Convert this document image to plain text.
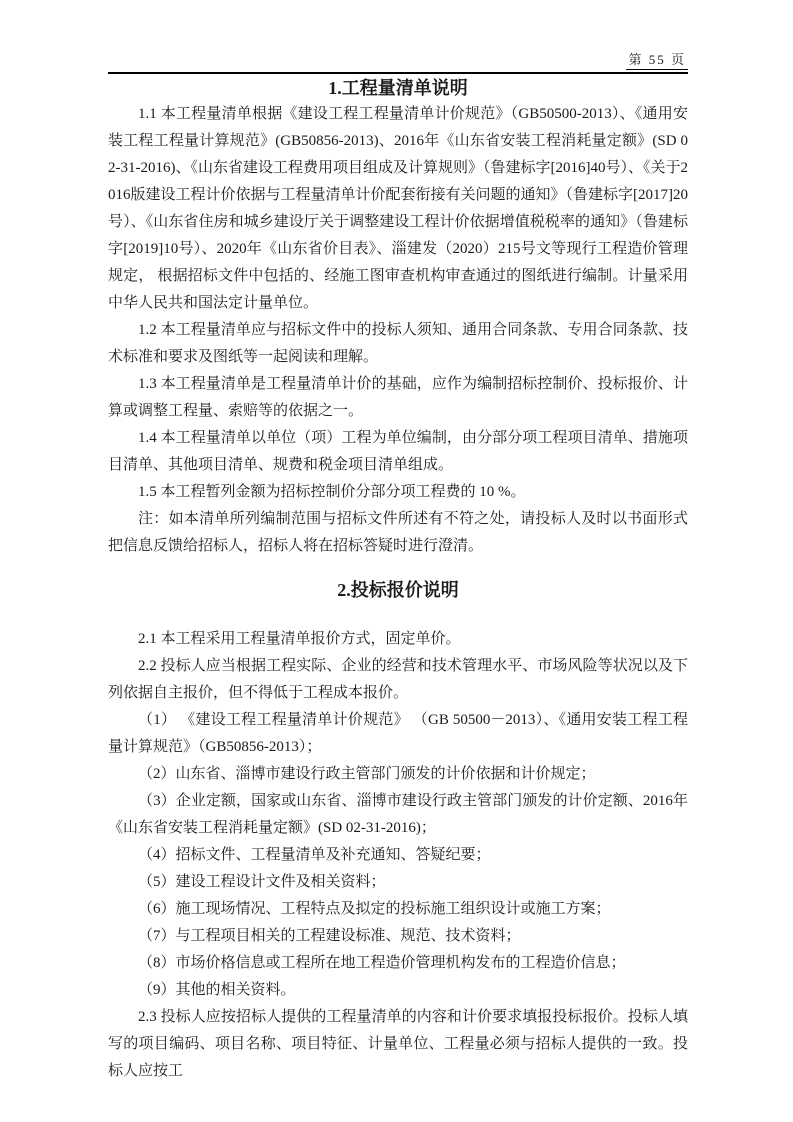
第 55 页
1.工程量清单说明

1.1 本工程量清单根据《建设工程工程量清单计价规范》（GB50500-2013）、《通用安装工程工程量计算规范》(GB50856-2013)、2016年《山东省安装工程消耗量定额》(SD 02-31-2016)、《山东省建设工程费用项目组成及计算规则》（鲁建标字[2016]40号）、《关于2016版建设工程计价依据与工程量清单计价配套衔接有关问题的通知》（鲁建标字[2017]20号）、《山东省住房和城乡建设厅关于调整建设工程计价依据增值税税率的通知》（鲁建标字[2019]10号）、2020年《山东省价目表》、淄建发（2020）215号文等现行工程造价管理规定， 根据招标文件中包括的、经施工图审查机构审查通过的图纸进行编制。计量采用中华人民共和国法定计量单位。

1.2 本工程量清单应与招标文件中的投标人须知、通用合同条款、专用合同条款、技术标准和要求及图纸等一起阅读和理解。

1.3 本工程量清单是工程量清单计价的基础，应作为编制招标控制价、投标报价、计算或调整工程量、索赔等的依据之一。

1.4 本工程量清单以单位（项）工程为单位编制，由分部分项工程项目清单、措施项目清单、其他项目清单、规费和税金项目清单组成。

1.5 本工程暂列金额为招标控制价分部分项工程费的 10 %。

注：如本清单所列编制范围与招标文件所述有不符之处，请投标人及时以书面形式把信息反馈给招标人，招标人将在招标答疑时进行澄清。

2.投标报价说明

2.1 本工程采用工程量清单报价方式，固定单价。

2.2 投标人应当根据工程实际、企业的经营和技术管理水平、市场风险等状况以及下列依据自主报价，但不得低于工程成本报价。

（1） 《建设工程工程量清单计价规范》 （GB 50500－2013）、《通用安装工程工程量计算规范》（GB50856-2013）；

（2）山东省、淄博市建设行政主管部门颁发的计价依据和计价规定；

（3）企业定额，国家或山东省、淄博市建设行政主管部门颁发的计价定额、2016年《山东省安装工程消耗量定额》(SD 02-31-2016)；

（4）招标文件、工程量清单及补充通知、答疑纪要；

（5）建设工程设计文件及相关资料；

（6）施工现场情况、工程特点及拟定的投标施工组织设计或施工方案；

（7）与工程项目相关的工程建设标准、规范、技术资料；

（8）市场价格信息或工程所在地工程造价管理机构发布的工程造价信息；

（9）其他的相关资料。

2.3 投标人应按招标人提供的工程量清单的内容和计价要求填报投标报价。投标人填写的项目编码、项目名称、项目特征、计量单位、工程量必须与招标人提供的一致。投标人应按工
